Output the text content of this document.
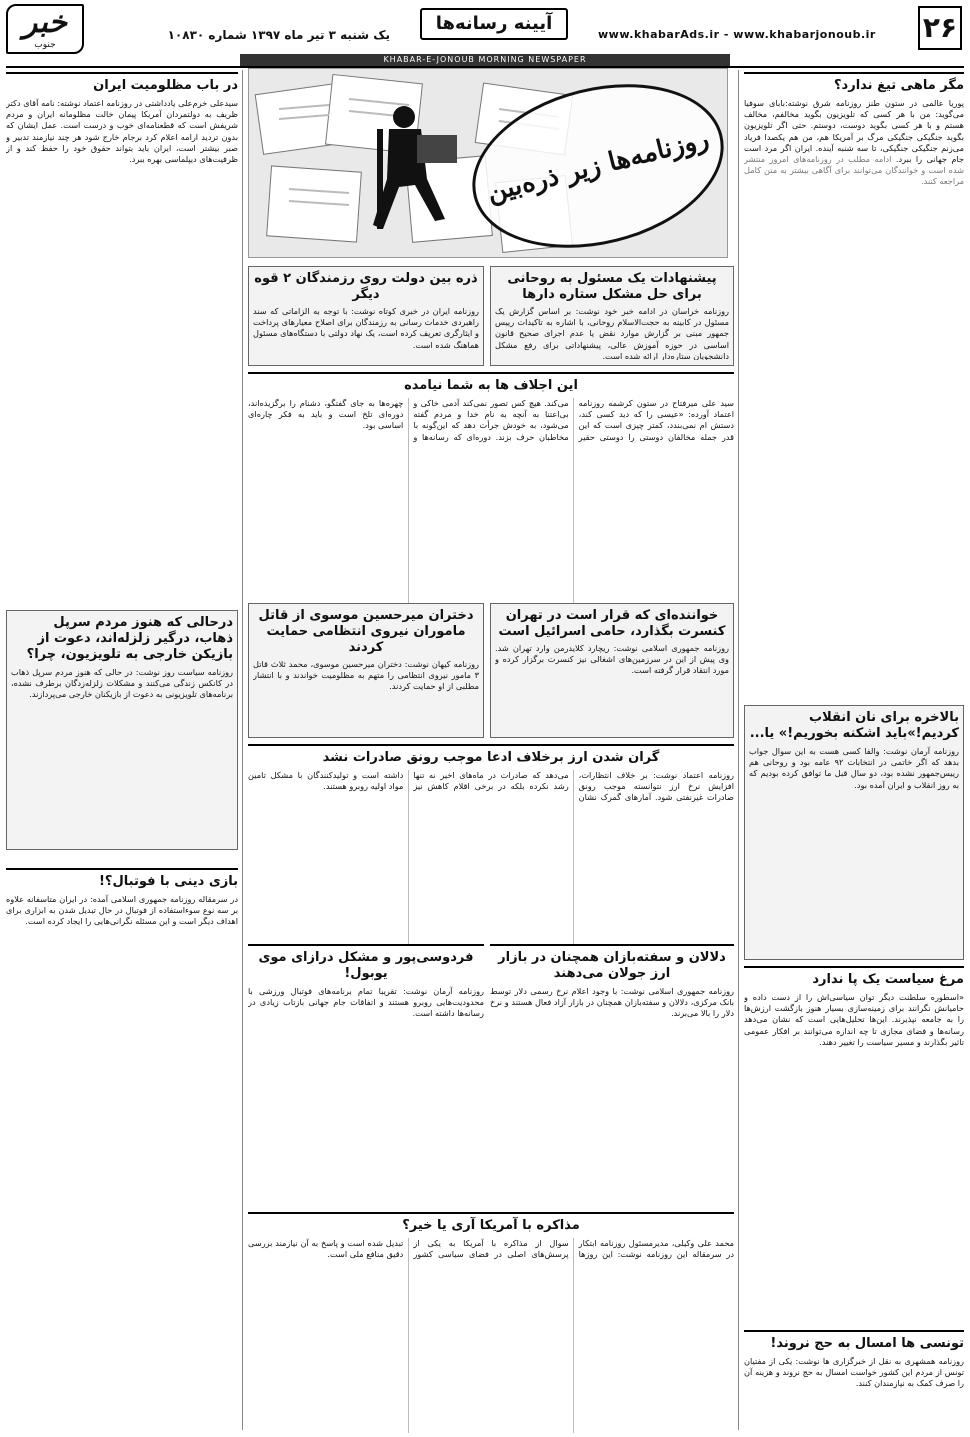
۲۶
www.khabarAds.ir - www.khabarjonoub.ir
آیینه رسانه‌ها
یک شنبه ۳ تیر ماه ۱۳۹۷ شماره ۱۰۸۳۰
خبر
جنوب
KHABAR-E-JONOUB MORNING NEWSPAPER
روزنامه‌ها زیر ذره‌بین
مگر ماهی تیغ ندارد؟
پوریا عالمی در ستون طنز روزنامه شرق نوشته:بابای سوفیا می‌گوید: من با هر کسی که تلویزیون بگوید مخالفم، مخالف هستم و با هر کسی بگوید دوست، دوستم. حتی اگر تلویزیون بگوید جنگیکی جنگیکی مرگ بر آمریکا هم، من هم یکصدا فریاد می‌زنم جنگیکی جنگیکی، تا سه شنبه آینده. ایران اگر مرد است جام جهانی را ببرد. ادامه مطلب در روزنامه‌های امروز منتشر شده است و خوانندگان می‌توانند برای آگاهی بیشتر به متن کامل مراجعه کنند.
بالاخره برای نان انقلاب کردیم!»باید اشکنه بخوریم!» یا...
روزنامه آرمان نوشت: والفا کسی هست به این سوال جواب بدهد که اگر خاتمی در انتخابات ۹۲ عامه بود و روحانی هم رییس‌جمهور نشده بود، دو سال قبل ما توافق کرده بودیم که به روز انقلاب و ایران آمده‌ بود.
مرغ سیاست یک پا ندارد
«اسطوره سلطنت دیگر توان سیاسی‌اش را از دست داده و حامیانش نگرانند برای زمینه‌سازی بسیار هنوز بازگشت ارزش‌ها را به جامعه نپذیرند. این‌ها تحلیل‌هایی است که نشان می‌دهد رسانه‌ها و فضای مجازی تا چه اندازه می‌توانند بر افکار عمومی تاثیر بگذارند و مسیر سیاست را تغییر دهند.
تونسی ها امسال به حج نروند!
روزنامه همشهری به نقل از خبرگزاری ها نوشت: یکی از مفتیان تونس از مردم این کشور خواست امسال به حج نروند و هزینه آن را صرف کمک به نیازمندان کنند.
پیشنهادات یک مسئول به روحانی برای حل مشکل ستاره دارها
روزنامه خراسان در ادامه خبر خود نوشت: بر اساس گزارش یک مسئول در کابینه به حجت‌الاسلام روحانی، با اشاره به تاکیدات رییس جمهور مبنی بر گزارش موارد نقض یا عدم اجرای صحیح قانون اساسی در حوزه آموزش عالی، پیشنهاداتی برای رفع مشکل دانشجویان ستاره‌دار ارائه شده است.
ذره بین دولت روی رزمندگان ۲ قوه دیگر
روزنامه ایران در خبری کوتاه نوشت: با توجه به الزاماتی که سند راهبردی خدمات رسانی به رزمندگان برای اصلاح معیارهای پرداخت و ایثارگری تعریف کرده است، یک نهاد دولتی با دستگاه‌های مسئول هماهنگ شده است.
این اجلاف ها به شما نیامده
سید علی میرفتاح در ستون کرشمه روزنامه اعتماد آورده: «عیسی را که دید کسی کند، دستش ام نمی‌بندد، کمتر چیزی است که این قدر جمله مخالفان دوستی را دوستی حقیر می‌کند. هیچ کس تصور نمی‌کند آدمی خاکی و بی‌اعتنا به آنچه به نام خدا و مردم گفته می‌شود، به خودش جرأت دهد که این‌گونه با مخاطبان حرف بزند. دوره‌ای که رسانه‌ها و چهره‌ها به جای گفتگو، دشنام را برگزیده‌اند، دوره‌ای تلخ است و باید به فکر چاره‌ای اساسی بود.
خواننده‌ای که قرار است در تهران کنسرت بگذارد، حامی اسرائیل است
روزنامه جمهوری اسلامی نوشت: ریچارد کلایدرمن وارد تهران شد. وی پیش از این در سرزمین‌های اشغالی نیز کنسرت برگزار کرده و مورد انتقاد قرار گرفته است.
دختران میرحسین موسوی از قاتل ماموران نیروی انتظامی حمایت کردند
روزنامه کیهان نوشت: دختران میرحسین موسوی، محمد ثلاث قاتل ۳ مامور نیروی انتظامی را متهم به مظلومیت خواندند و با انتشار مطلبی از او حمایت کردند.
گران شدن ارز برخلاف ادعا موجب رونق صادرات نشد
روزنامه اعتماد نوشت: بر خلاف انتظارات، افزایش نرخ ارز نتوانسته موجب رونق صادرات غیرنفتی شود. آمارهای گمرک نشان می‌دهد که صادرات در ماه‌های اخیر نه تنها رشد نکرده بلکه در برخی اقلام کاهش نیز داشته است و تولیدکنندگان با مشکل تامین مواد اولیه روبرو هستند.
دلالان و سفته‌بازان همچنان در بازار ارز جولان می‌دهند
روزنامه جمهوری اسلامی نوشت: با وجود اعلام نرخ رسمی دلار توسط بانک مرکزی، دلالان و سفته‌بازان همچنان در بازار آزاد فعال هستند و نرخ دلار را بالا می‌برند.
فردوسی‌پور و مشکل درازای موی یوبول!
روزنامه آرمان نوشت: تقریبا تمام برنامه‌های فوتبال ورزشی با محدودیت‌هایی روبرو هستند و اتفاقات جام جهانی بازتاب زیادی در رسانه‌ها داشته است.
مذاکره با آمریکا آری یا خیر؟
محمد علی وکیلی، مدیرمسئول روزنامه ابتکار در سرمقاله این روزنامه نوشت: این روزها سوال از مذاکره با آمریکا به یکی از پرسش‌های اصلی در فضای سیاسی کشور تبدیل شده است و پاسخ به آن نیازمند بررسی دقیق منافع ملی است.
در باب مظلومیت ایران
سیدعلی خرم‌علی یادداشتی در روزنامه اعتماد نوشته: نامه آقای دکتر ظریف به دولتمردان آمریکا پیمان خالت مظلومانه ایران و مردم شریفش است که قطعنامه‌ای خوب و درست است. عمل ایشان که بدون تردید ارامه اعلام کرد برجام خارج شود هر چند نیازمند تدبیر و صبر بیشتر است، ایران باید بتواند حقوق خود را حفظ کند و از ظرفیت‌های دیپلماسی بهره ببرد.
درحالی که هنوز مردم سرپل ذهاب، درگیر زلزله‌اند، دعوت از بازیکن خارجی به تلویزیون، چرا؟
روزنامه سیاست روز نوشت: در حالی که هنوز مردم سرپل ذهاب در کانکس زندگی می‌کنند و مشکلات زلزله‌زدگان برطرف نشده، برنامه‌های تلویزیونی به دعوت از بازیکنان خارجی می‌پردازند.
بازی دینی با فوتبال؟!
در سرمقاله روزنامه جمهوری اسلامی آمده: در ایران متاسفانه علاوه بر سه نوع سوءاستفاده از فوتبال در حال تبدیل شدن به ابزاری برای اهداف دیگر است و این مسئله نگرانی‌هایی را ایجاد کرده است.
